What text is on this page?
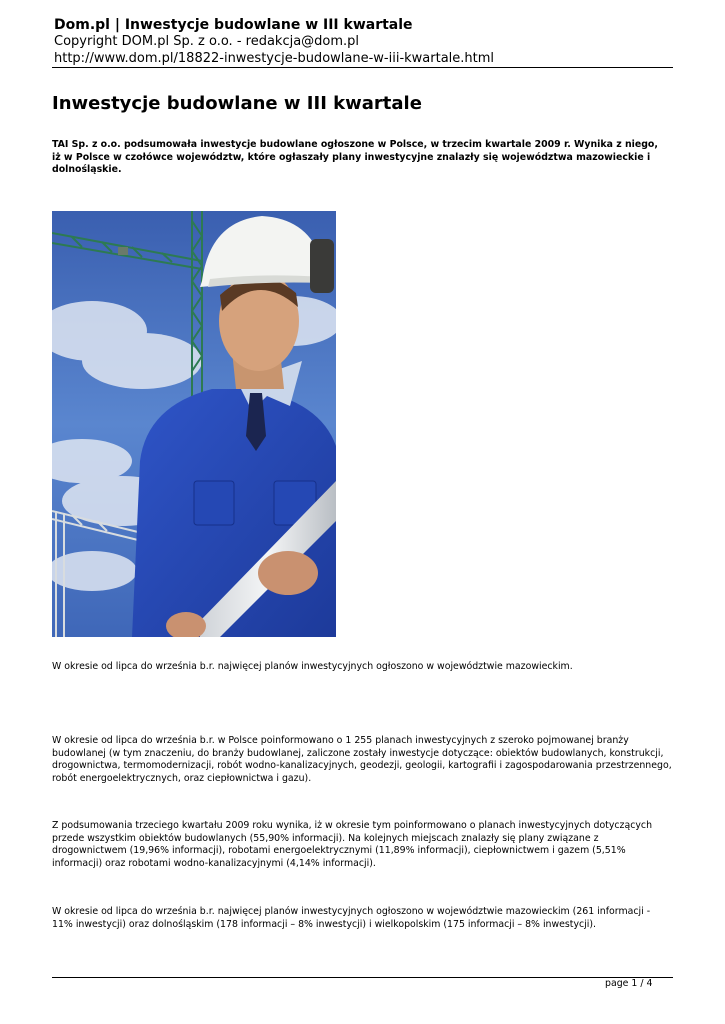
Dom.pl | Inwestycje budowlane w III kwartale
Copyright DOM.pl Sp. z o.o. - redakcja@dom.pl
http://www.dom.pl/18822-inwestycje-budowlane-w-iii-kwartale.html
Inwestycje budowlane w III kwartale

TAI Sp. z o.o. podsumowała inwestycje budowlane ogłoszone w Polsce, w trzecim kwartale 2009 r. Wynika z niego, iż w Polsce w czołówce województw, które ogłaszały plany inwestycyjne znalazły się województwa mazowieckie i dolnośląskie.

W okresie od lipca do września b.r. najwięcej planów inwestycyjnych ogłoszono w województwie mazowieckim.

W okresie od lipca do września b.r. w Polsce poinformowano o 1 255 planach inwestycyjnych z szeroko pojmowanej branży budowlanej (w tym znaczeniu, do branży budowlanej, zaliczone zostały inwestycje dotyczące: obiektów budowlanych, konstrukcji, drogownictwa, termomodernizacji, robót wodno-kanalizacyjnych, geodezji, geologii, kartografii i zagospodarowania przestrzennego, robót energoelektrycznych, oraz ciepłownictwa i gazu).

Z podsumowania trzeciego kwartału 2009 roku wynika, iż w okresie tym poinformowano o planach inwestycyjnych dotyczących przede wszystkim obiektów budowlanych (55,90% informacji). Na kolejnych miejscach znalazły się plany związane z drogownictwem (19,96% informacji), robotami energoelektrycznymi (11,89% informacji), ciepłownictwem i gazem (5,51% informacji) oraz robotami wodno-kanalizacyjnymi (4,14% informacji).

W okresie od lipca do września b.r. najwięcej planów inwestycyjnych ogłoszono w województwie mazowieckim (261 informacji - 11% inwestycji) oraz dolnośląskim (178 informacji – 8% inwestycji) i wielkopolskim (175 informacji – 8% inwestycji).

page 1 / 4
